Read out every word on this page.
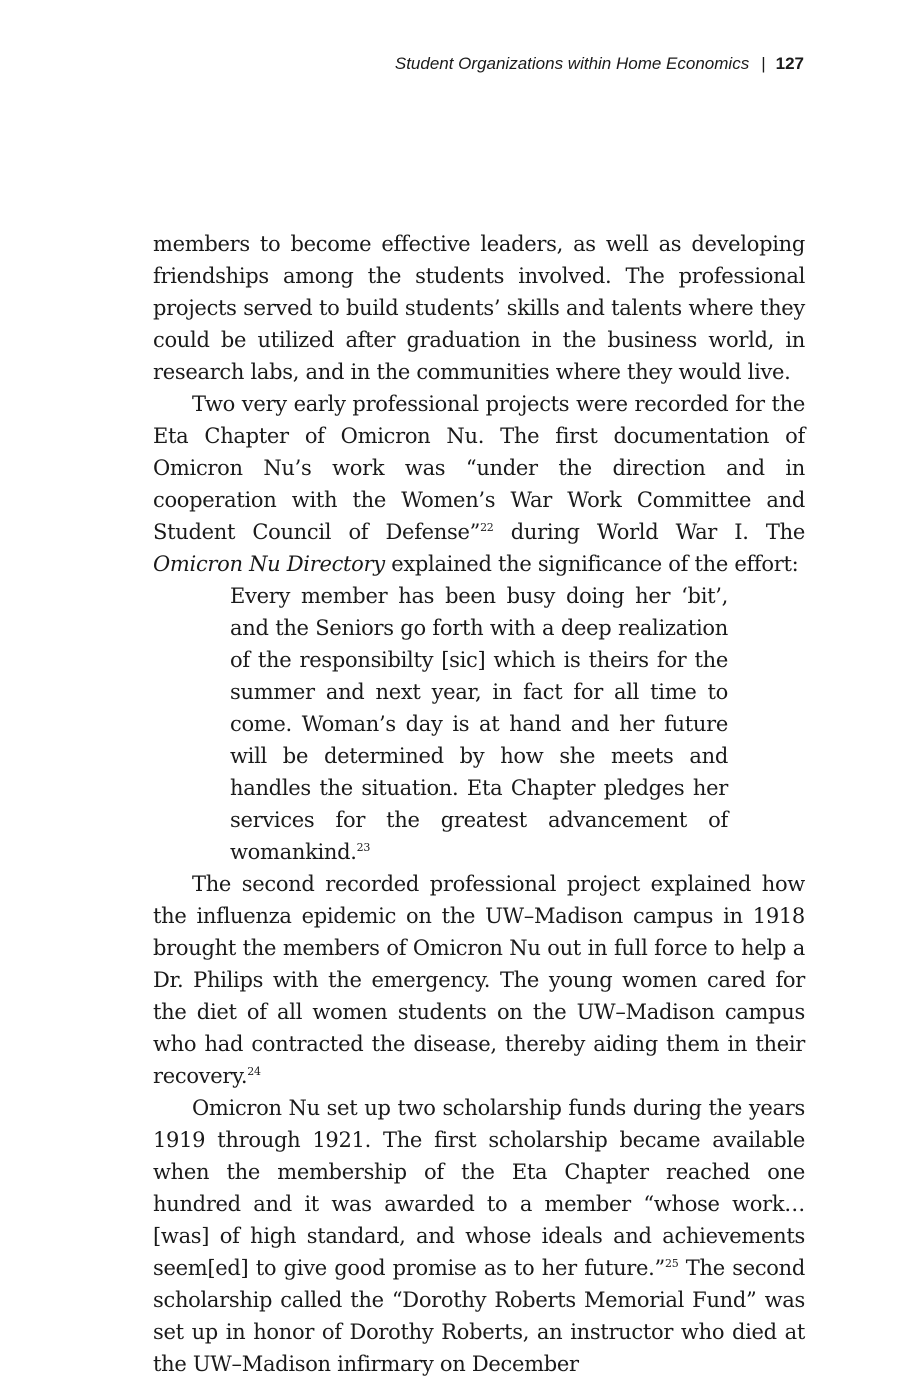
Student Organizations within Home Economics | 127

members to become effective leaders, as well as developing friendships among the students involved. The professional projects served to build students’ skills and talents where they could be utilized after graduation in the business world, in research labs, and in the communities where they would live.

Two very early professional projects were recorded for the Eta Chapter of Omicron Nu. The first documentation of Omicron Nu’s work was “under the direction and in cooperation with the Women’s War Work Committee and Student Council of Defense”$^{22}$ during World War I. The Omicron Nu Directory explained the significance of the effort:

Every member has been busy doing her ‘bit’, and the Seniors go forth with a deep realization of the responsibilty [sic] which is theirs for the summer and next year, in fact for all time to come. Woman’s day is at hand and her future will be determined by how she meets and handles the situation. Eta Chapter pledges her services for the greatest advancement of womankind.$^{23}$

The second recorded professional project explained how the influenza epidemic on the UW–Madison campus in 1918 brought the members of Omicron Nu out in full force to help a Dr. Philips with the emergency. The young women cared for the diet of all women students on the UW–Madison campus who had contracted the disease, thereby aiding them in their recovery.$^{24}$

Omicron Nu set up two scholarship funds during the years 1919 through 1921. The first scholarship became available when the membership of the Eta Chapter reached one hundred and it was awarded to a member “whose work…[was] of high standard, and whose ideals and achievements seem[ed] to give good promise as to her future.”$^{25}$ The second scholarship called the “Dorothy Roberts Memorial Fund” was set up in honor of Dorothy Roberts, an instructor who died at the UW–Madison infirmary on December
